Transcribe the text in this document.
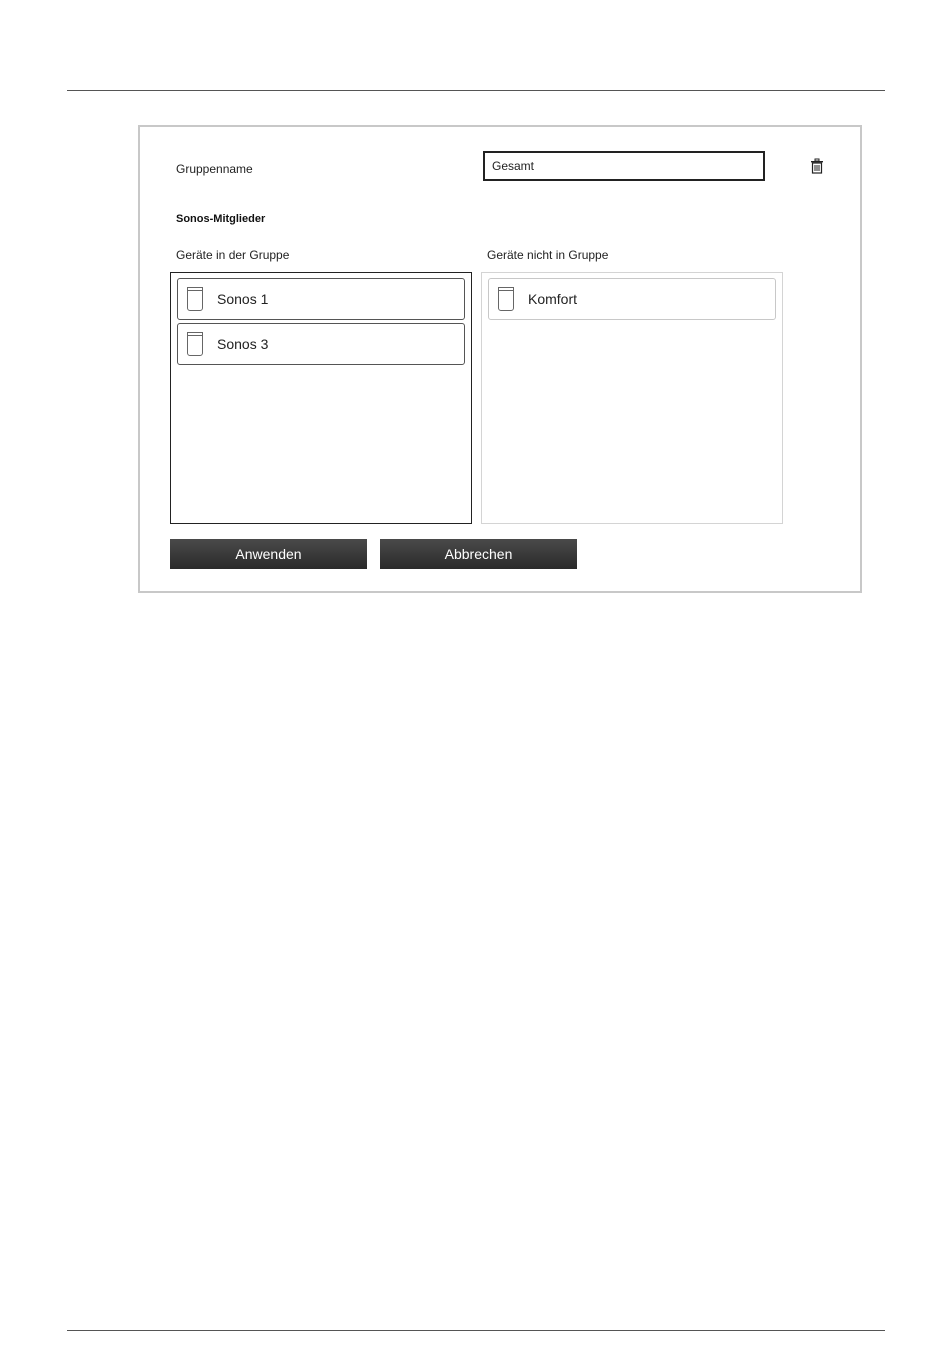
Gruppenname
Gesamt
Sonos-Mitglieder
Geräte in der Gruppe	Geräte nicht in Gruppe
Sonos 1
Sonos 3
Komfort
Anwenden	Abbrechen
